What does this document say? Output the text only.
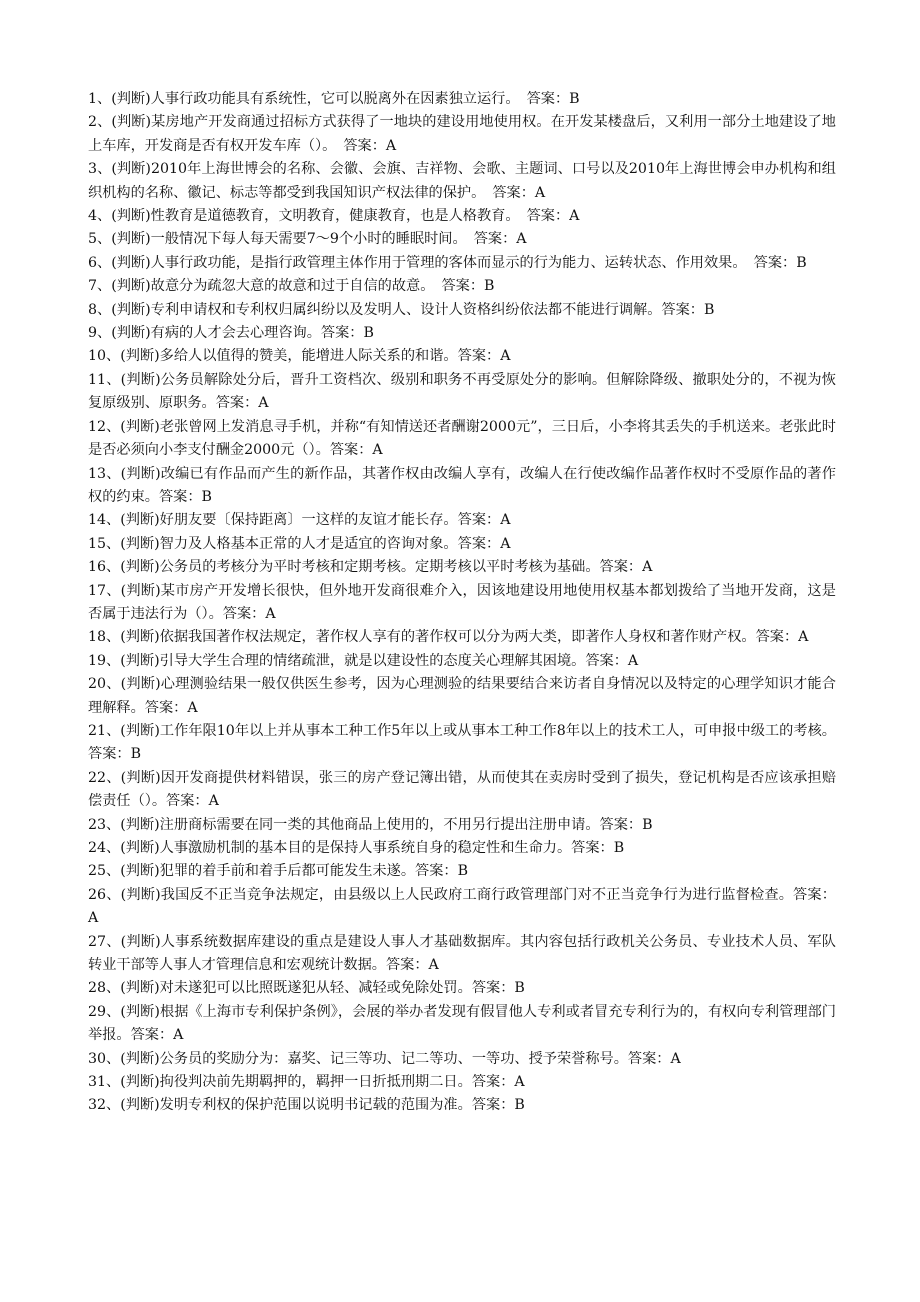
1、(判断)人事行政功能具有系统性，它可以脱离外在因素独立运行。　答案：B

2、(判断)某房地产开发商通过招标方式获得了一地块的建设用地使用权。在开发某楼盘后，又利用一部分土地建设了地上车库，开发商是否有权开发车库（）。　答案：A

3、(判断)2010年上海世博会的名称、会徽、会旗、吉祥物、会歌、主题词、口号以及2010年上海世博会申办机构和组织机构的名称、徽记、标志等都受到我国知识产权法律的保护。　答案：A

4、(判断)性教育是道德教育，文明教育，健康教育，也是人格教育。　答案：A

5、(判断)一般情况下每人每天需要7～9个小时的睡眠时间。　答案：A

6、(判断)人事行政功能，是指行政管理主体作用于管理的客体而显示的行为能力、运转状态、作用效果。　答案：B

7、(判断)故意分为疏忽大意的故意和过于自信的故意。　答案：B

8、(判断)专利申请权和专利权归属纠纷以及发明人、设计人资格纠纷依法都不能进行调解。答案：B

9、(判断)有病的人才会去心理咨询。答案：B

10、(判断)多给人以值得的赞美，能增进人际关系的和谐。答案：A

11、(判断)公务员解除处分后，晋升工资档次、级别和职务不再受原处分的影响。但解除降级、撤职处分的，不视为恢复原级别、原职务。答案：A

12、(判断)老张曾网上发消息寻手机，并称“有知情送还者酬谢2000元”，三日后，小李将其丢失的手机送来。老张此时是否必须向小李支付酬金2000元（）。答案：A

13、(判断)改编已有作品而产生的新作品，其著作权由改编人享有，改编人在行使改编作品著作权时不受原作品的著作权的约束。答案：B

14、(判断)好朋友要〔保持距离〕一这样的友谊才能长存。答案：A

15、(判断)智力及人格基本正常的人才是适宜的咨询对象。答案：A

16、(判断)公务员的考核分为平时考核和定期考核。定期考核以平时考核为基础。答案：A

17、(判断)某市房产开发增长很快，但外地开发商很难介入，因该地建设用地使用权基本都划拨给了当地开发商，这是否属于违法行为（）。答案：A

18、(判断)依据我国著作权法规定，著作权人享有的著作权可以分为两大类，即著作人身权和著作财产权。答案：A

19、(判断)引导大学生合理的情绪疏泄，就是以建设性的态度关心理解其困境。答案：A

20、(判断)心理测验结果一般仅供医生参考，因为心理测验的结果要结合来访者自身情况以及特定的心理学知识才能合理解释。答案：A

21、(判断)工作年限10年以上并从事本工种工作5年以上或从事本工种工作8年以上的技术工人，可申报中级工的考核。答案：B

22、(判断)因开发商提供材料错误，张三的房产登记簿出错，从而使其在卖房时受到了损失，登记机构是否应该承担赔偿责任（）。答案：A

23、(判断)注册商标需要在同一类的其他商品上使用的，不用另行提出注册申请。答案：B

24、(判断)人事激励机制的基本目的是保持人事系统自身的稳定性和生命力。答案：B

25、(判断)犯罪的着手前和着手后都可能发生未遂。答案：B

26、(判断)我国反不正当竞争法规定，由县级以上人民政府工商行政管理部门对不正当竞争行为进行监督检查。答案：A

27、(判断)人事系统数据库建设的重点是建设人事人才基础数据库。其内容包括行政机关公务员、专业技术人员、军队转业干部等人事人才管理信息和宏观统计数据。答案：A

28、(判断)对未遂犯可以比照既遂犯从轻、减轻或免除处罚。答案：B

29、(判断)根据《上海市专利保护条例》，会展的举办者发现有假冒他人专利或者冒充专利行为的，有权向专利管理部门举报。答案：A

30、(判断)公务员的奖励分为：嘉奖、记三等功、记二等功、一等功、授予荣誉称号。答案：A

31、(判断)拘役判决前先期羁押的，羁押一日折抵刑期二日。答案：A

32、(判断)发明专利权的保护范围以说明书记载的范围为准。答案：B
